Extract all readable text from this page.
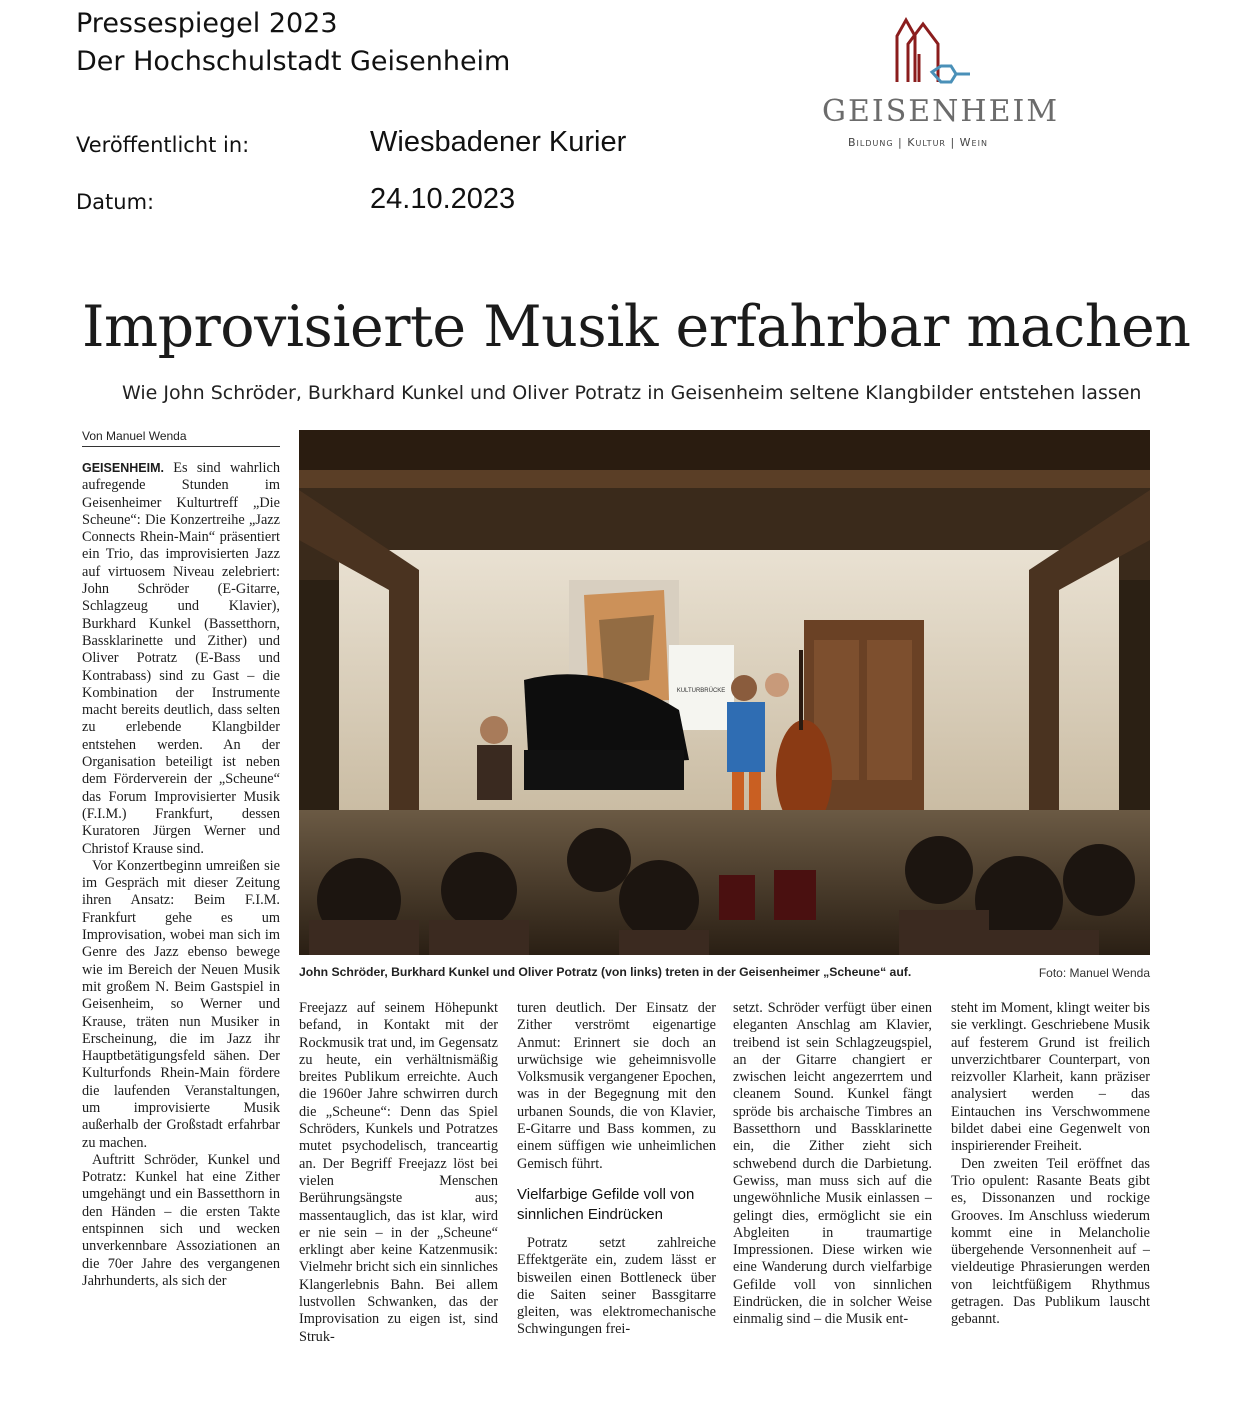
Pressespiegel 2023
Der Hochschulstadt Geisenheim
Veröffentlicht in:	Wiesbadener Kurier
Datum:	24.10.2023
GEISENHEIM
Bildung | Kultur | Wein
Improvisierte Musik erfahrbar machen
Wie John Schröder, Burkhard Kunkel und Oliver Potratz in Geisenheim seltene Klangbilder entstehen lassen
Von Manuel Wenda

GEISENHEIM. Es sind wahrlich aufregende Stunden im Geisenheimer Kulturtreff „Die Scheune“: Die Konzertreihe „Jazz Connects Rhein-Main“ präsentiert ein Trio, das improvisierten Jazz auf virtuosem Niveau zelebriert: John Schröder (E-Gitarre, Schlagzeug und Klavier), Burkhard Kunkel (Bassetthorn, Bassklarinette und Zither) und Oliver Potratz (E-Bass und Kontrabass) sind zu Gast – die Kombination der Instrumente macht bereits deutlich, dass selten zu erlebende Klangbilder entstehen werden. An der Organisation beteiligt ist neben dem Förderverein der „Scheune“ das Forum Improvisierter Musik (F.I.M.) Frankfurt, dessen Kuratoren Jürgen Werner und Christof Krause sind.

Vor Konzertbeginn umreißen sie im Gespräch mit dieser Zeitung ihren Ansatz: Beim F.I.M. Frankfurt gehe es um Improvisation, wobei man sich im Genre des Jazz ebenso bewege wie im Bereich der Neuen Musik mit großem N. Beim Gastspiel in Geisenheim, so Werner und Krause, träten nun Musiker in Erscheinung, die im Jazz ihr Hauptbetätigungsfeld sähen. Der Kulturfonds Rhein-Main fördere die laufenden Veranstaltungen, um improvisierte Musik außerhalb der Großstadt erfahrbar zu machen.

Auftritt Schröder, Kunkel und Potratz: Kunkel hat eine Zither umgehängt und ein Bassetthorn in den Händen – die ersten Takte entspinnen sich und wecken unverkennbare Assoziationen an die 70er Jahre des vergangenen Jahrhunderts, als sich der

KULTURBRÜCKE
John Schröder, Burkhard Kunkel und Oliver Potratz (von links) treten in der Geisenheimer „Scheune“ auf.	Foto: Manuel Wenda

Freejazz auf seinem Höhepunkt befand, in Kontakt mit der Rockmusik trat und, im Gegensatz zu heute, ein verhältnismäßig breites Publikum erreichte. Auch die 1960er Jahre schwirren durch die „Scheune“: Denn das Spiel Schröders, Kunkels und Potratzes mutet psychodelisch, tranceartig an. Der Begriff Freejazz löst bei vielen Menschen Berührungsängste aus; massentauglich, das ist klar, wird er nie sein – in der „Scheune“ erklingt aber keine Katzenmusik: Vielmehr bricht sich ein sinnliches Klangerlebnis Bahn. Bei allem lustvollen Schwanken, das der Improvisation zu eigen ist, sind Struk-

turen deutlich. Der Einsatz der Zither verströmt eigenartige Anmut: Erinnert sie doch an urwüchsige wie geheimnisvolle Volksmusik vergangener Epochen, was in der Begegnung mit den urbanen Sounds, die von Klavier, E-Gitarre und Bass kommen, zu einem süffigen wie unheimlichen Gemisch führt.

Vielfarbige Gefilde voll von sinnlichen Eindrücken

Potratz setzt zahlreiche Effektgeräte ein, zudem lässt er bisweilen einen Bottleneck über die Saiten seiner Bassgitarre gleiten, was elektromechanische Schwingungen frei-

setzt. Schröder verfügt über einen eleganten Anschlag am Klavier, treibend ist sein Schlagzeugspiel, an der Gitarre changiert er zwischen leicht angezerrtem und cleanem Sound. Kunkel fängt spröde bis archaische Timbres an Bassetthorn und Bassklarinette ein, die Zither zieht sich schwebend durch die Darbietung. Gewiss, man muss sich auf die ungewöhnliche Musik einlassen – gelingt dies, ermöglicht sie ein Abgleiten in traumartige Impressionen. Diese wirken wie eine Wanderung durch vielfarbige Gefilde voll von sinnlichen Eindrücken, die in solcher Weise einmalig sind – die Musik ent-

steht im Moment, klingt weiter bis sie verklingt. Geschriebene Musik auf festerem Grund ist freilich unverzichtbarer Counterpart, von reizvoller Klarheit, kann präziser analysiert werden – das Eintauchen ins Verschwommene bildet dabei eine Gegenwelt von inspirierender Freiheit.

Den zweiten Teil eröffnet das Trio opulent: Rasante Beats gibt es, Dissonanzen und rockige Grooves. Im Anschluss wiederum kommt eine in Melancholie übergehende Versonnenheit auf – vieldeutige Phrasierungen werden von leichtfüßigem Rhythmus getragen. Das Publikum lauscht gebannt.
